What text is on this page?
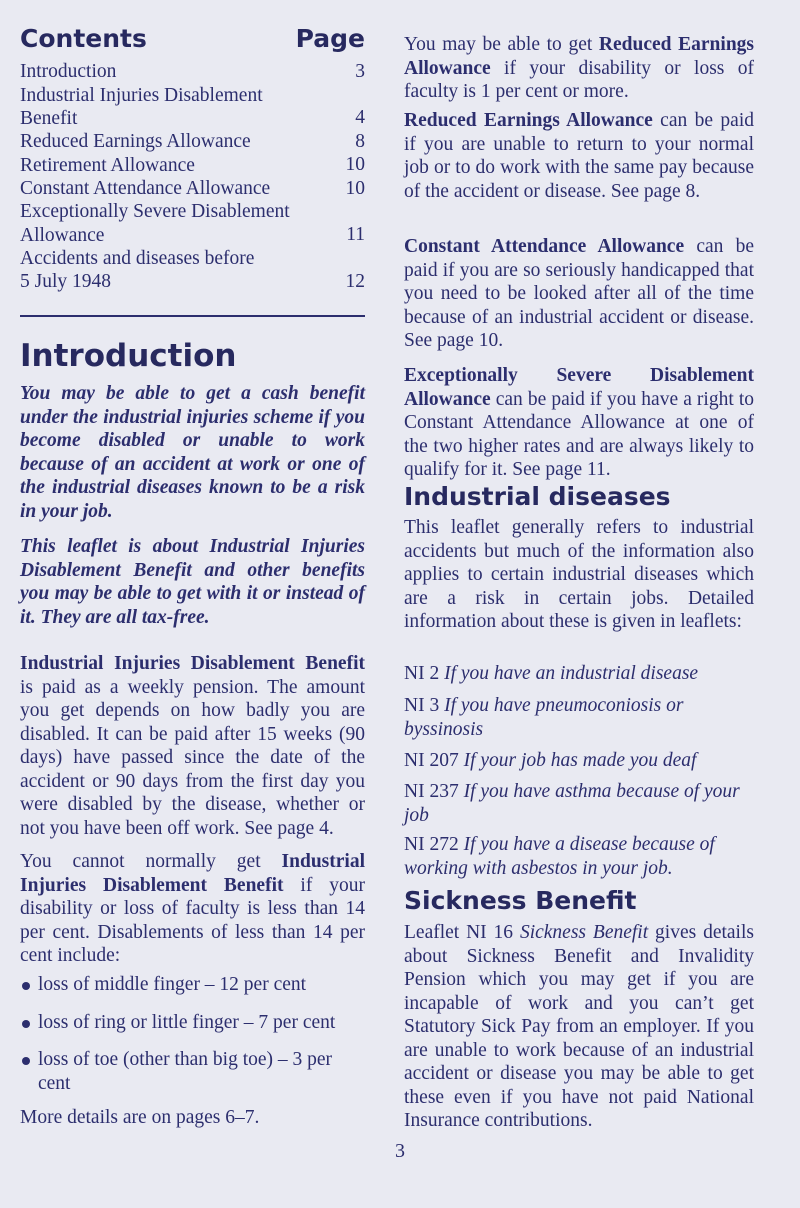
Contents	Page
Introduction	3
Industrial Injuries Disablement Benefit	4
Reduced Earnings Allowance	8
Retirement Allowance	10
Constant Attendance Allowance	10
Exceptionally Severe Disablement Allowance	11
Accidents and diseases before 5 July 1948	12
Introduction

You may be able to get a cash benefit under the industrial injuries scheme if you become disabled or unable to work because of an accident at work or one of the industrial diseases known to be a risk in your job.

This leaflet is about Industrial Injuries Disablement Benefit and other benefits you may be able to get with it or instead of it. They are all tax-free.

Industrial Injuries Disablement Benefit is paid as a weekly pension. The amount you get depends on how badly you are disabled. It can be paid after 15 weeks (90 days) have passed since the date of the accident or 90 days from the first day you were disabled by the disease, whether or not you have been off work. See page 4.

You cannot normally get Industrial Injuries Disablement Benefit if your disability or loss of faculty is less than 14 per cent. Disablements of less than 14 per cent include:

loss of middle finger – 12 per cent
loss of ring or little finger – 7 per cent
loss of toe (other than big toe) – 3 per cent

More details are on pages 6–7.

You may be able to get Reduced Earnings Allowance if your disability or loss of faculty is 1 per cent or more.

Reduced Earnings Allowance can be paid if you are unable to return to your normal job or to do work with the same pay because of the accident or disease. See page 8.

Constant Attendance Allowance can be paid if you are so seriously handicapped that you need to be looked after all of the time because of an industrial accident or disease. See page 10.

Exceptionally Severe Disablement Allowance can be paid if you have a right to Constant Attendance Allowance at one of the two higher rates and are always likely to qualify for it. See page 11.

Industrial diseases

This leaflet generally refers to industrial accidents but much of the information also applies to certain industrial diseases which are a risk in certain jobs. Detailed information about these is given in leaflets:

NI 2 If you have an industrial disease

NI 3 If you have pneumoconiosis or byssinosis

NI 207 If your job has made you deaf

NI 237 If you have asthma because of your job

NI 272 If you have a disease because of working with asbestos in your job.

Sickness Benefit

Leaflet NI 16 Sickness Benefit gives details about Sickness Benefit and Invalidity Pension which you may get if you are incapable of work and you can’t get Statutory Sick Pay from an employer. If you are unable to work because of an industrial accident or disease you may be able to get these even if you have not paid National Insurance contributions.

3
